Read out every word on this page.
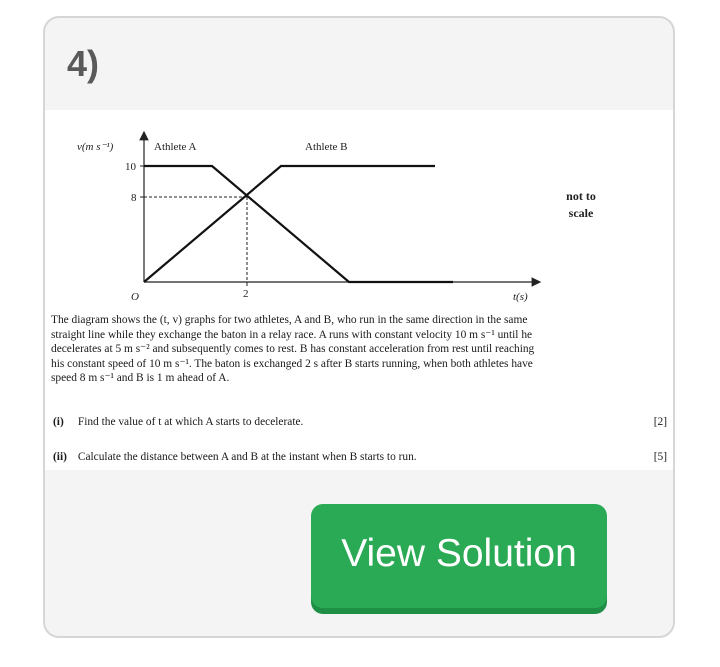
4)
v(m s⁻¹)
t(s)
O
10
8
2
Athlete A	Athlete B
not to
scale
The diagram shows the (t, v) graphs for two athletes, A and B, who run in the same direction in the same
straight line while they exchange the baton in a relay race. A runs with constant velocity 10 m s⁻¹ until he
decelerates at 5 m s⁻² and subsequently comes to rest. B has constant acceleration from rest until reaching
his constant speed of 10 m s⁻¹. The baton is exchanged 2 s after B starts running, when both athletes have
speed 8 m s⁻¹ and B is 1 m ahead of A.
(i) Find the value of t at which A starts to decelerate.	[2]
(ii) Calculate the distance between A and B at the instant when B starts to run.	[5]
View Solution
